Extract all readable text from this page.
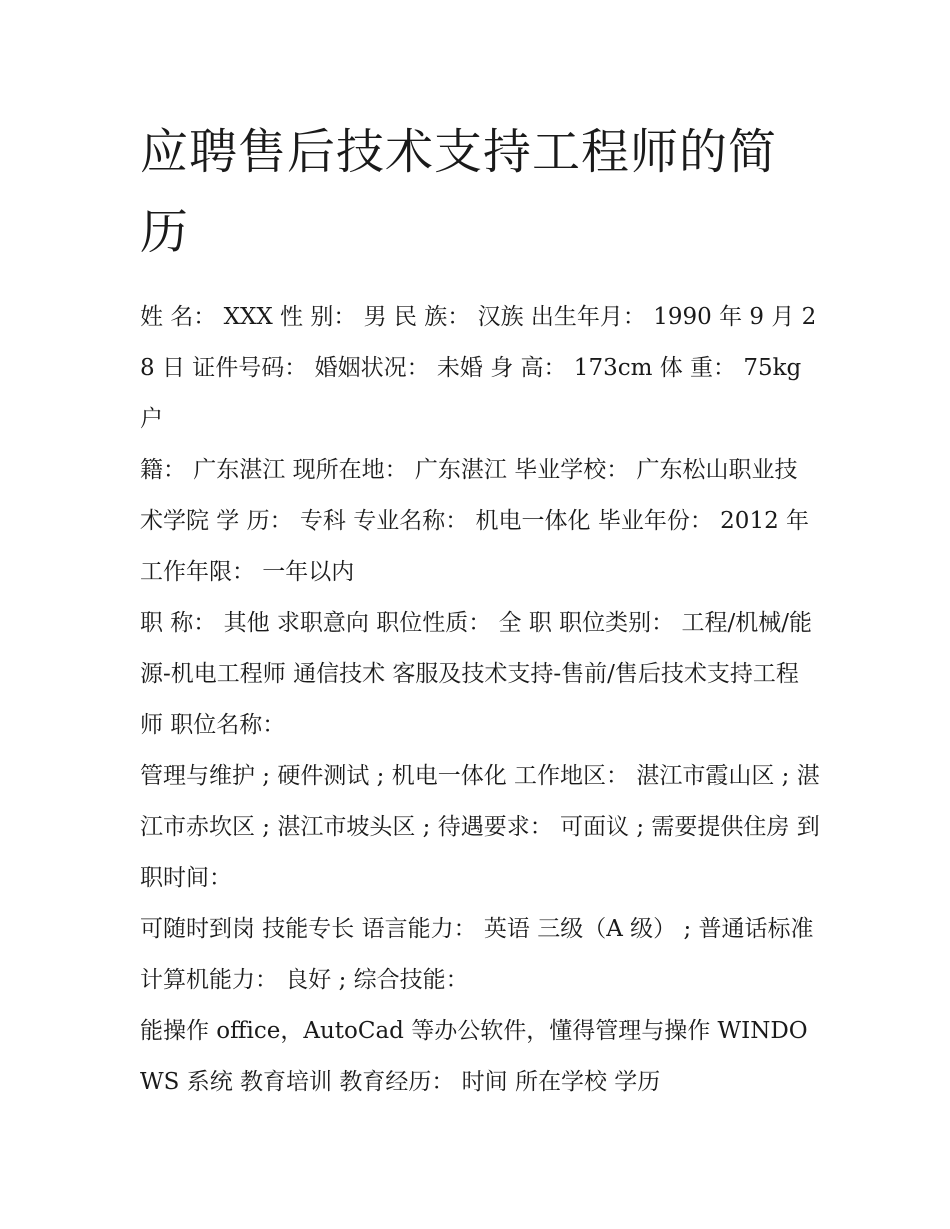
应聘售后技术支持工程师的简历

姓 名： XXX 性 别： 男 民 族： 汉族 出生年月： 1990 年 9 月 28 日 证件号码： 婚姻状况： 未婚 身 高： 173cm 体 重： 75kg 户

籍： 广东湛江 现所在地： 广东湛江 毕业学校： 广东松山职业技术学院 学 历： 专科 专业名称： 机电一体化 毕业年份： 2012 年 工作年限： 一年以内

职 称： 其他 求职意向 职位性质： 全 职 职位类别： 工程/机械/能源-机电工程师 通信技术 客服及技术支持-售前/售后技术支持工程师 职位名称：

管理与维护 ; 硬件测试 ; 机电一体化 工作地区： 湛江市霞山区 ; 湛江市赤坎区 ; 湛江市坡头区 ; 待遇要求： 可面议 ; 需要提供住房 到职时间：

可随时到岗 技能专长 语言能力： 英语 三级（A 级） ; 普通话标准 计算机能力： 良好 ; 综合技能：

能操作 office，AutoCad 等办公软件，懂得管理与操作 WINDOWS 系统 教育培训 教育经历： 时间 所在学校 学历
